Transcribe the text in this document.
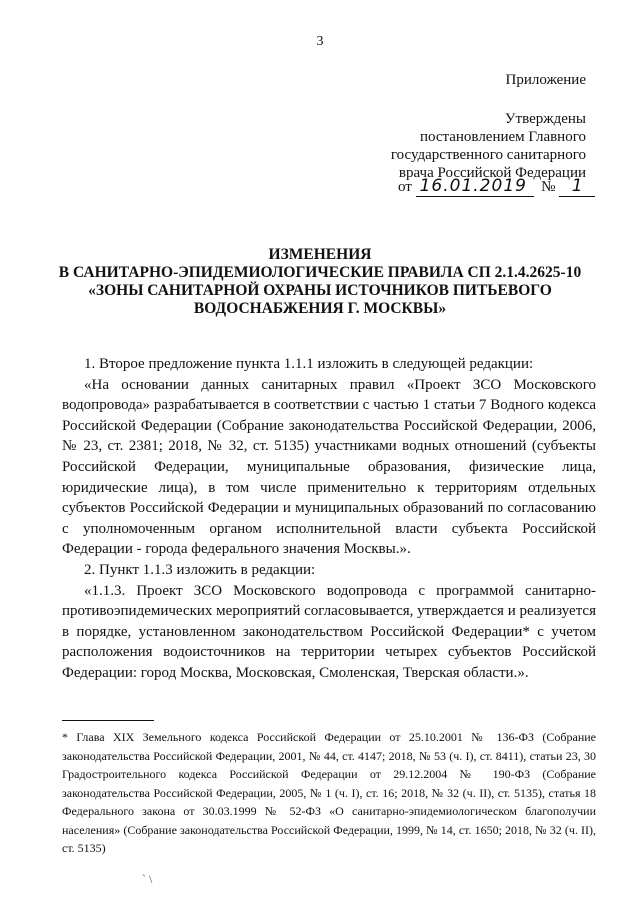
3
Приложение
Утверждены
постановлением Главного
государственного санитарного
врача Российской Федерации
от 16.01.2019 № 1
ИЗМЕНЕНИЯ
В САНИТАРНО-ЭПИДЕМИОЛОГИЧЕСКИЕ ПРАВИЛА СП 2.1.4.2625-10
«ЗОНЫ САНИТАРНОЙ ОХРАНЫ ИСТОЧНИКОВ ПИТЬЕВОГО
ВОДОСНАБЖЕНИЯ Г. МОСКВЫ»

1. Второе предложение пункта 1.1.1 изложить в следующей редакции:

«На основании данных санитарных правил «Проект ЗСО Московского водопровода» разрабатывается в соответствии с частью 1 статьи 7 Водного кодекса Российской Федерации (Собрание законодательства Российской Федерации, 2006, № 23, ст. 2381; 2018, № 32, ст. 5135) участниками водных отношений (субъекты Российской Федерации, муниципальные образования, физические лица, юридические лица), в том числе применительно к территориям отдельных субъектов Российской Федерации и муниципальных образований по согласованию с уполномоченным органом исполнительной власти субъекта Российской Федерации - города федерального значения Москвы.».

2. Пункт 1.1.3 изложить в редакции:

«1.1.3. Проект ЗСО Московского водопровода с программой санитарно-противоэпидемических мероприятий согласовывается, утверждается и реализуется в порядке, установленном законодательством Российской Федерации* с учетом расположения водоисточников на территории четырех субъектов Российской Федерации: город Москва, Московская, Смоленская, Тверская области.».

* Глава XIX Земельного кодекса Российской Федерации от 25.10.2001 № 136-ФЗ (Собрание законодательства Российской Федерации, 2001, № 44, ст. 4147; 2018, № 53 (ч. I), ст. 8411), статьи 23, 30 Градостроительного кодекса Российской Федерации от 29.12.2004 № 190-ФЗ (Собрание законодательства Российской Федерации, 2005, № 1 (ч. I), ст. 16; 2018, № 32 (ч. II), ст. 5135), статья 18 Федерального закона от 30.03.1999 № 52-ФЗ «О санитарно-эпидемиологическом благополучии населения» (Собрание законодательства Российской Федерации, 1999, № 14, ст. 1650; 2018, № 32 (ч. II), ст. 5135)
` \
